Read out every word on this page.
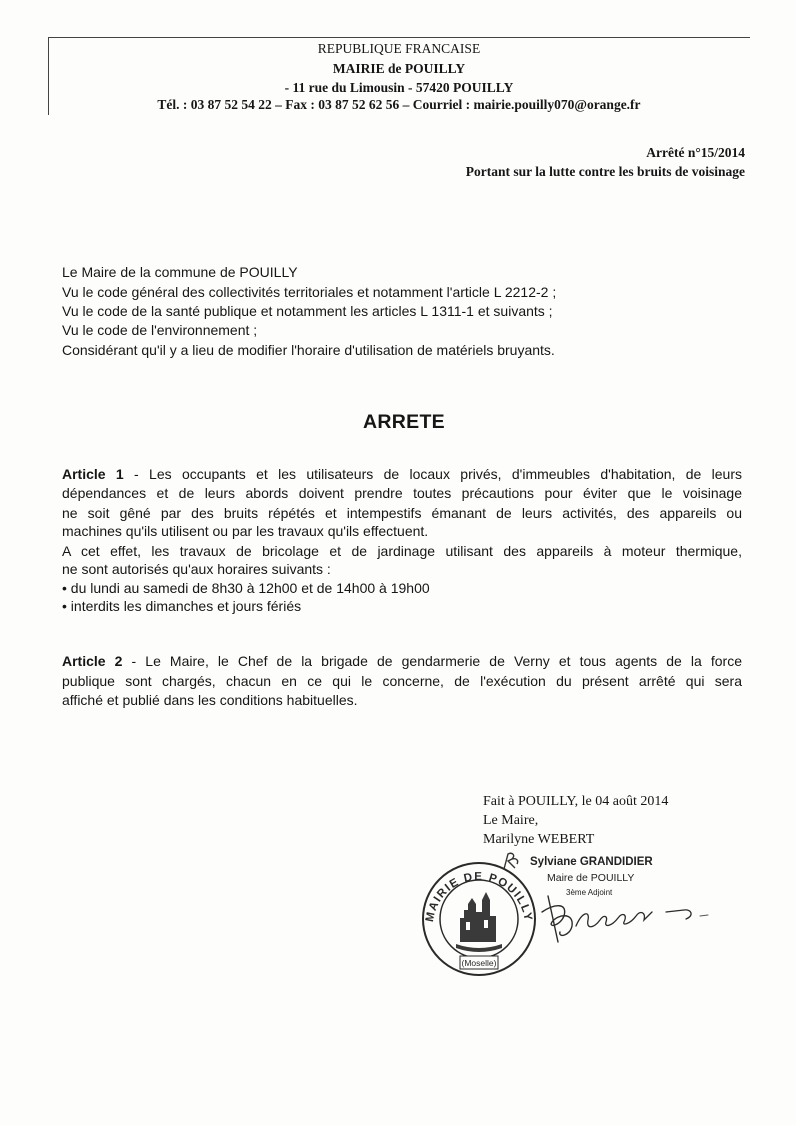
REPUBLIQUE FRANCAISE
MAIRIE de POUILLY
- 11 rue du Limousin - 57420 POUILLY
Tél. : 03 87 52 54 22 – Fax : 03 87 52 62 56 – Courriel : mairie.pouilly070@orange.fr
Arrêté n°15/2014
Portant sur la lutte contre les bruits de voisinage
Le Maire de la commune de POUILLY
Vu le code général des collectivités territoriales et notamment l'article L 2212-2 ;
Vu le code de la santé publique et notamment les articles L 1311-1 et suivants ;
Vu le code de l'environnement ;
Considérant qu'il y a lieu de modifier l'horaire d'utilisation de matériels bruyants.
ARRETE
Article 1 - Les occupants et les utilisateurs de locaux privés, d'immeubles d'habitation, de leurs
dépendances et de leurs abords doivent prendre toutes précautions pour éviter que le voisinage
ne soit gêné par des bruits répétés et intempestifs émanant de leurs activités, des appareils ou
machines qu'ils utilisent ou par les travaux qu'ils effectuent.
A cet effet, les travaux de bricolage et de jardinage utilisant des appareils à moteur thermique,
ne sont autorisés qu'aux horaires suivants :
• du lundi au samedi de 8h30 à 12h00 et de 14h00 à 19h00
• interdits les dimanches et jours fériés
Article 2 - Le Maire, le Chef de la brigade de gendarmerie de Verny et tous agents de la force
publique sont chargés, chacun en ce qui le concerne, de l'exécution du présent arrêté qui sera
affiché et publié dans les conditions habituelles.
Fait à POUILLY, le 04 août 2014
Le Maire,
Marilyne WEBERT
Sylviane GRANDIDIER
Maire de POUILLY
3ème Adjoint
MAIRIE DE POUILLY
(Moselle)
